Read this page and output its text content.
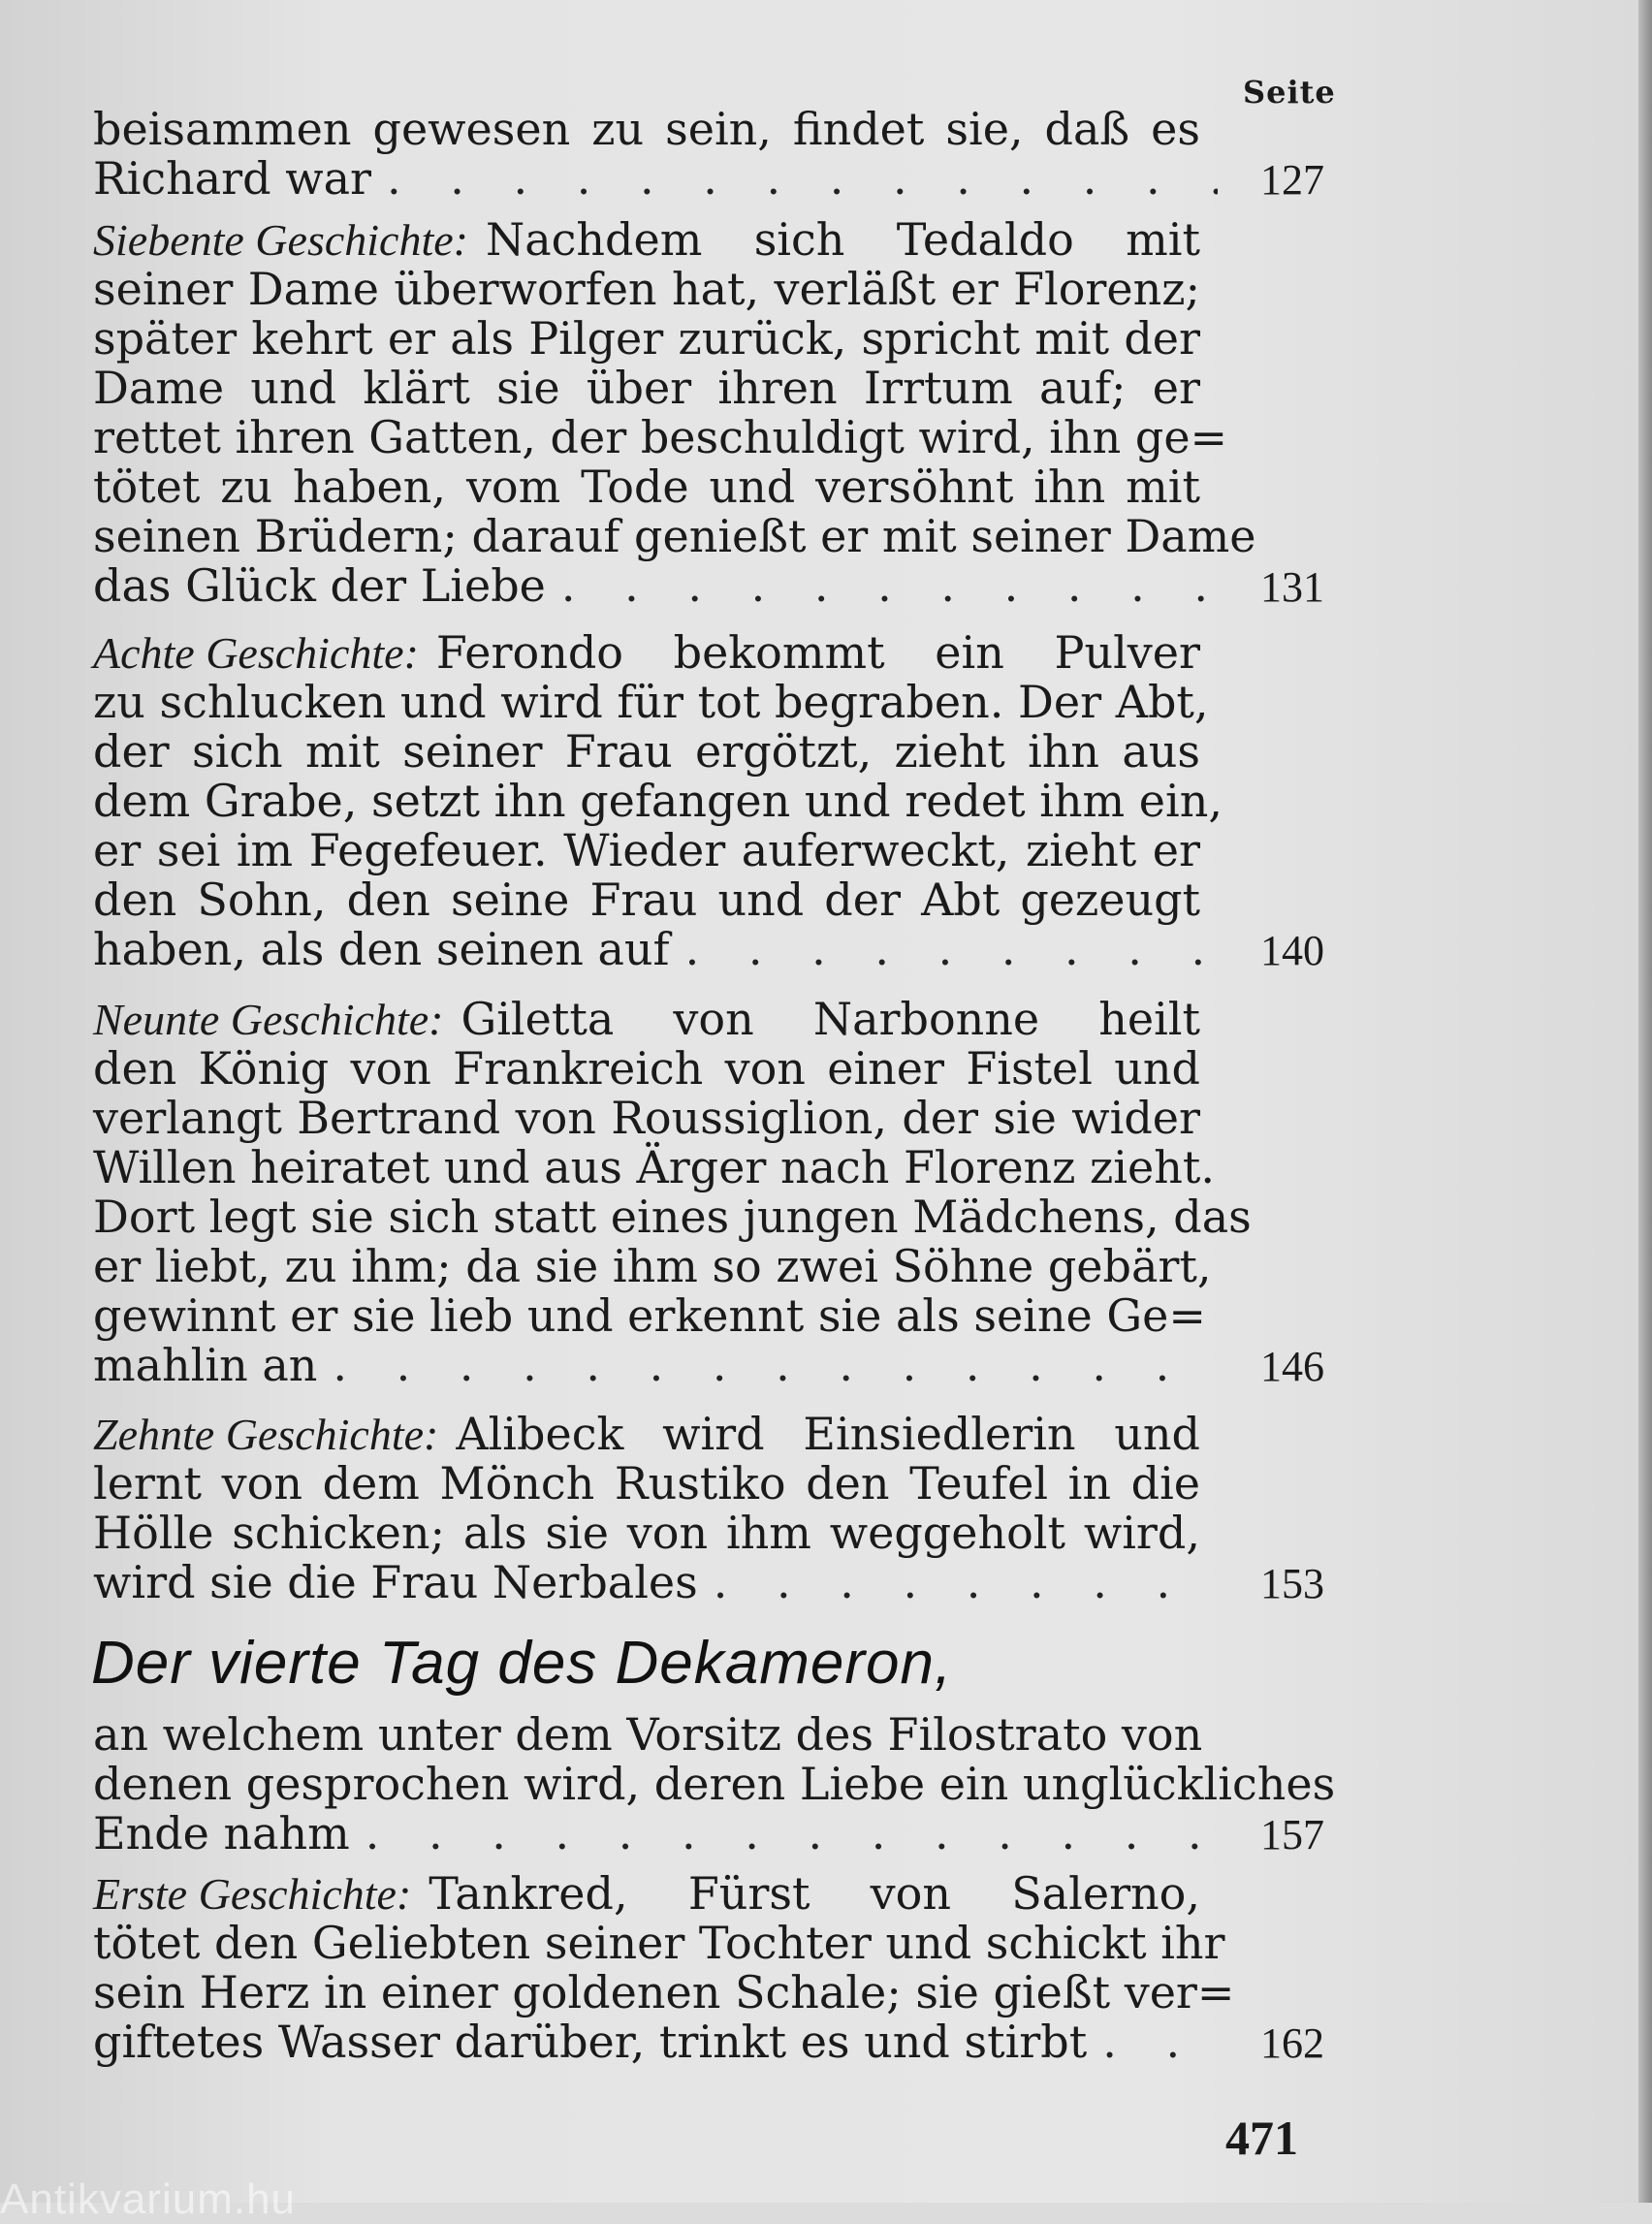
Seite
beisammen gewesen zu sein, findet sie, daß es
Richard war . . .	127
Siebente Geschichte: Nachdem sich Tedaldo mit
seiner Dame überworfen hat, verläßt er Florenz;
später kehrt er als Pilger zurück, spricht mit der
Dame und klärt sie über ihren Irrtum auf; er
rettet ihren Gatten, der beschuldigt wird, ihn ge=
tötet zu haben, vom Tode und versöhnt ihn mit
seinen Brüdern; darauf genießt er mit seiner Dame
das Glück der Liebe . . .	131
Achte Geschichte: Ferondo bekommt ein Pulver
zu schlucken und wird für tot begraben. Der Abt,
der sich mit seiner Frau ergötzt, zieht ihn aus
dem Grabe, setzt ihn gefangen und redet ihm ein,
er sei im Fegefeuer. Wieder auferweckt, zieht er
den Sohn, den seine Frau und der Abt gezeugt
haben, als den seinen auf . . .	140
Neunte Geschichte: Giletta von Narbonne heilt
den König von Frankreich von einer Fistel und
verlangt Bertrand von Roussiglion, der sie wider
Willen heiratet und aus Ärger nach Florenz zieht.
Dort legt sie sich statt eines jungen Mädchens, das
er liebt, zu ihm; da sie ihm so zwei Söhne gebärt,
gewinnt er sie lieb und erkennt sie als seine Ge=
mahlin an . . .	146
Zehnte Geschichte: Alibeck wird Einsiedlerin und
lernt von dem Mönch Rustiko den Teufel in die
Hölle schicken; als sie von ihm weggeholt wird,
wird sie die Frau Nerbales . . .	153
Der vierte Tag des Dekameron,
an welchem unter dem Vorsitz des Filostrato von
denen gesprochen wird, deren Liebe ein unglückliches
Ende nahm . . .	157
Erste Geschichte: Tankred, Fürst von Salerno,
tötet den Geliebten seiner Tochter und schickt ihr
sein Herz in einer goldenen Schale; sie gießt ver=
giftetes Wasser darüber, trinkt es und stirbt . . .	162
471
Antikvarium.hu
